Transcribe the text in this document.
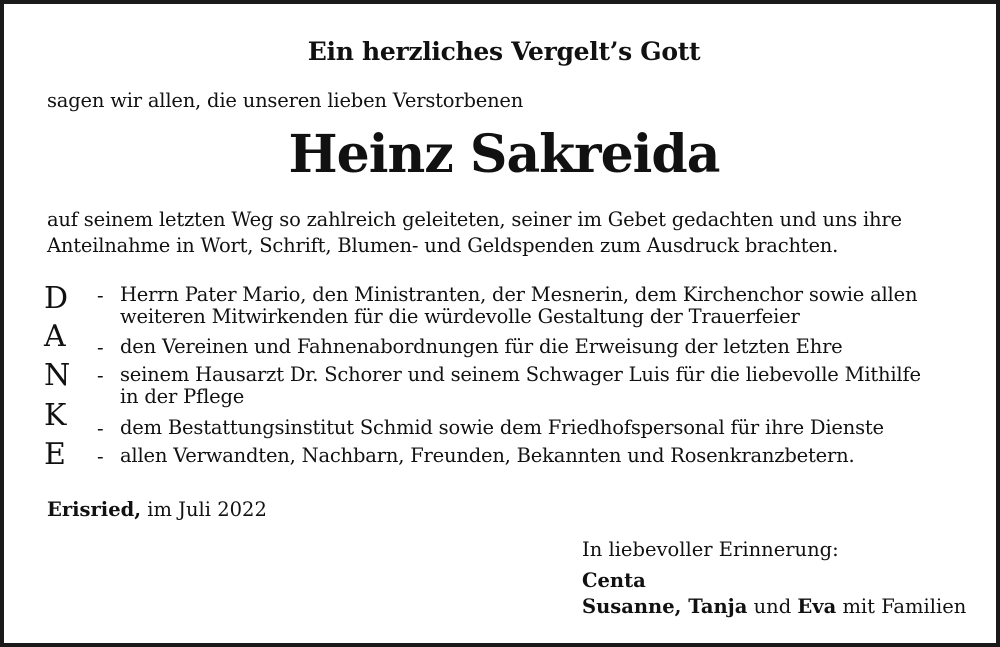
Ein herzliches Vergelt’s Gott
sagen wir allen, die unseren lieben Verstorbenen
Heinz Sakreida
auf seinem letzten Weg so zahlreich geleiteten, seiner im Gebet gedachten und uns ihre
Anteilnahme in Wort, Schrift, Blumen- und Geldspenden zum Ausdruck brachten.
D
A
N
K
E
-
-
-
-
-
Herrn Pater Mario, den Ministranten, der Mesnerin, dem Kirchenchor sowie allen
weiteren Mitwirkenden für die würdevolle Gestaltung der Trauerfeier
den Vereinen und Fahnenabordnungen für die Erweisung der letzten Ehre
seinem Hausarzt Dr. Schorer und seinem Schwager Luis für die liebevolle Mithilfe
in der Pflege
dem Bestattungsinstitut Schmid sowie dem Friedhofspersonal für ihre Dienste
allen Verwandten, Nachbarn, Freunden, Bekannten und Rosenkranzbetern.
Erisried, im Juli 2022
In liebevoller Erinnerung:
Centa
Susanne, Tanja und Eva mit Familien
